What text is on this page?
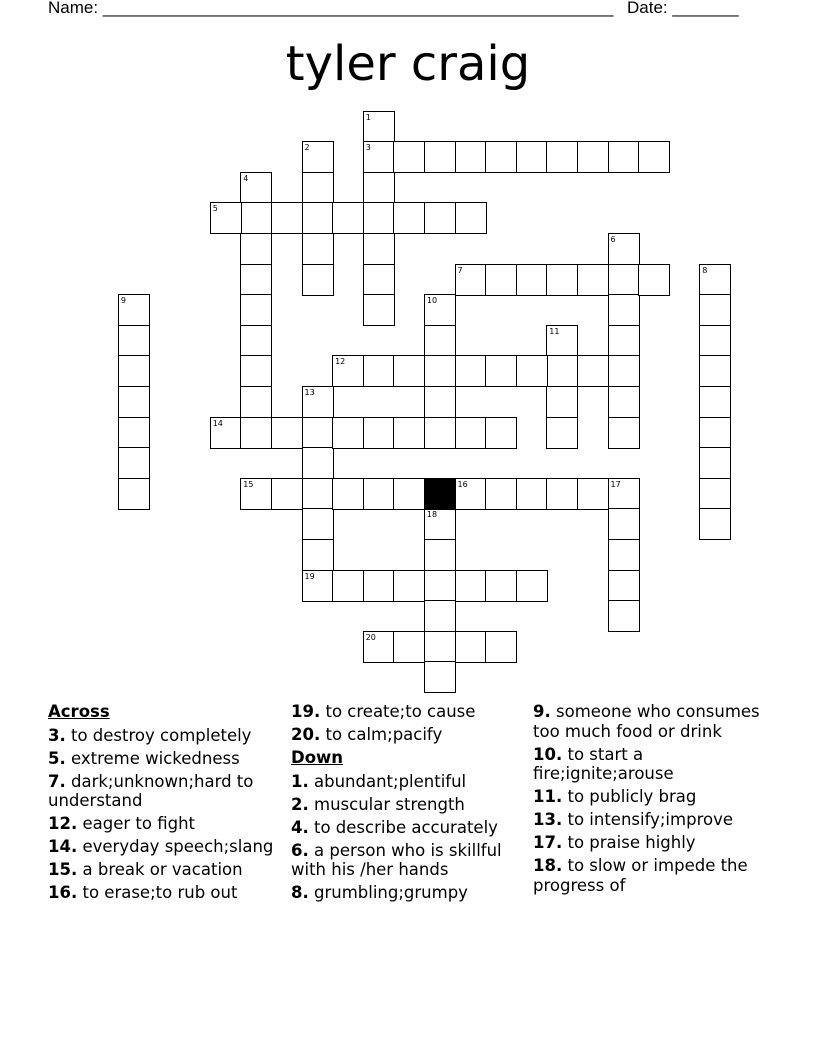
Name: ______________________________________________________ Date: _______
tyler craig
1
3
2
4
5
6
7	8
9	10
11
12
13
19
14
15	16	17
18
20
Across
3. to destroy completely
5. extreme wickedness
7. dark;unknown;hard to understand
12. eager to fight
14. everyday speech;slang
15. a break or vacation
16. to erase;to rub out
19. to create;to cause
20. to calm;pacify
Down
1. abundant;plentiful
2. muscular strength
4. to describe accurately
6. a person who is skillful with his /her hands
8. grumbling;grumpy
9. someone who consumes too much food or drink
10. to start a fire;ignite;arouse
11. to publicly brag
13. to intensify;improve
17. to praise highly
18. to slow or impede the progress of
